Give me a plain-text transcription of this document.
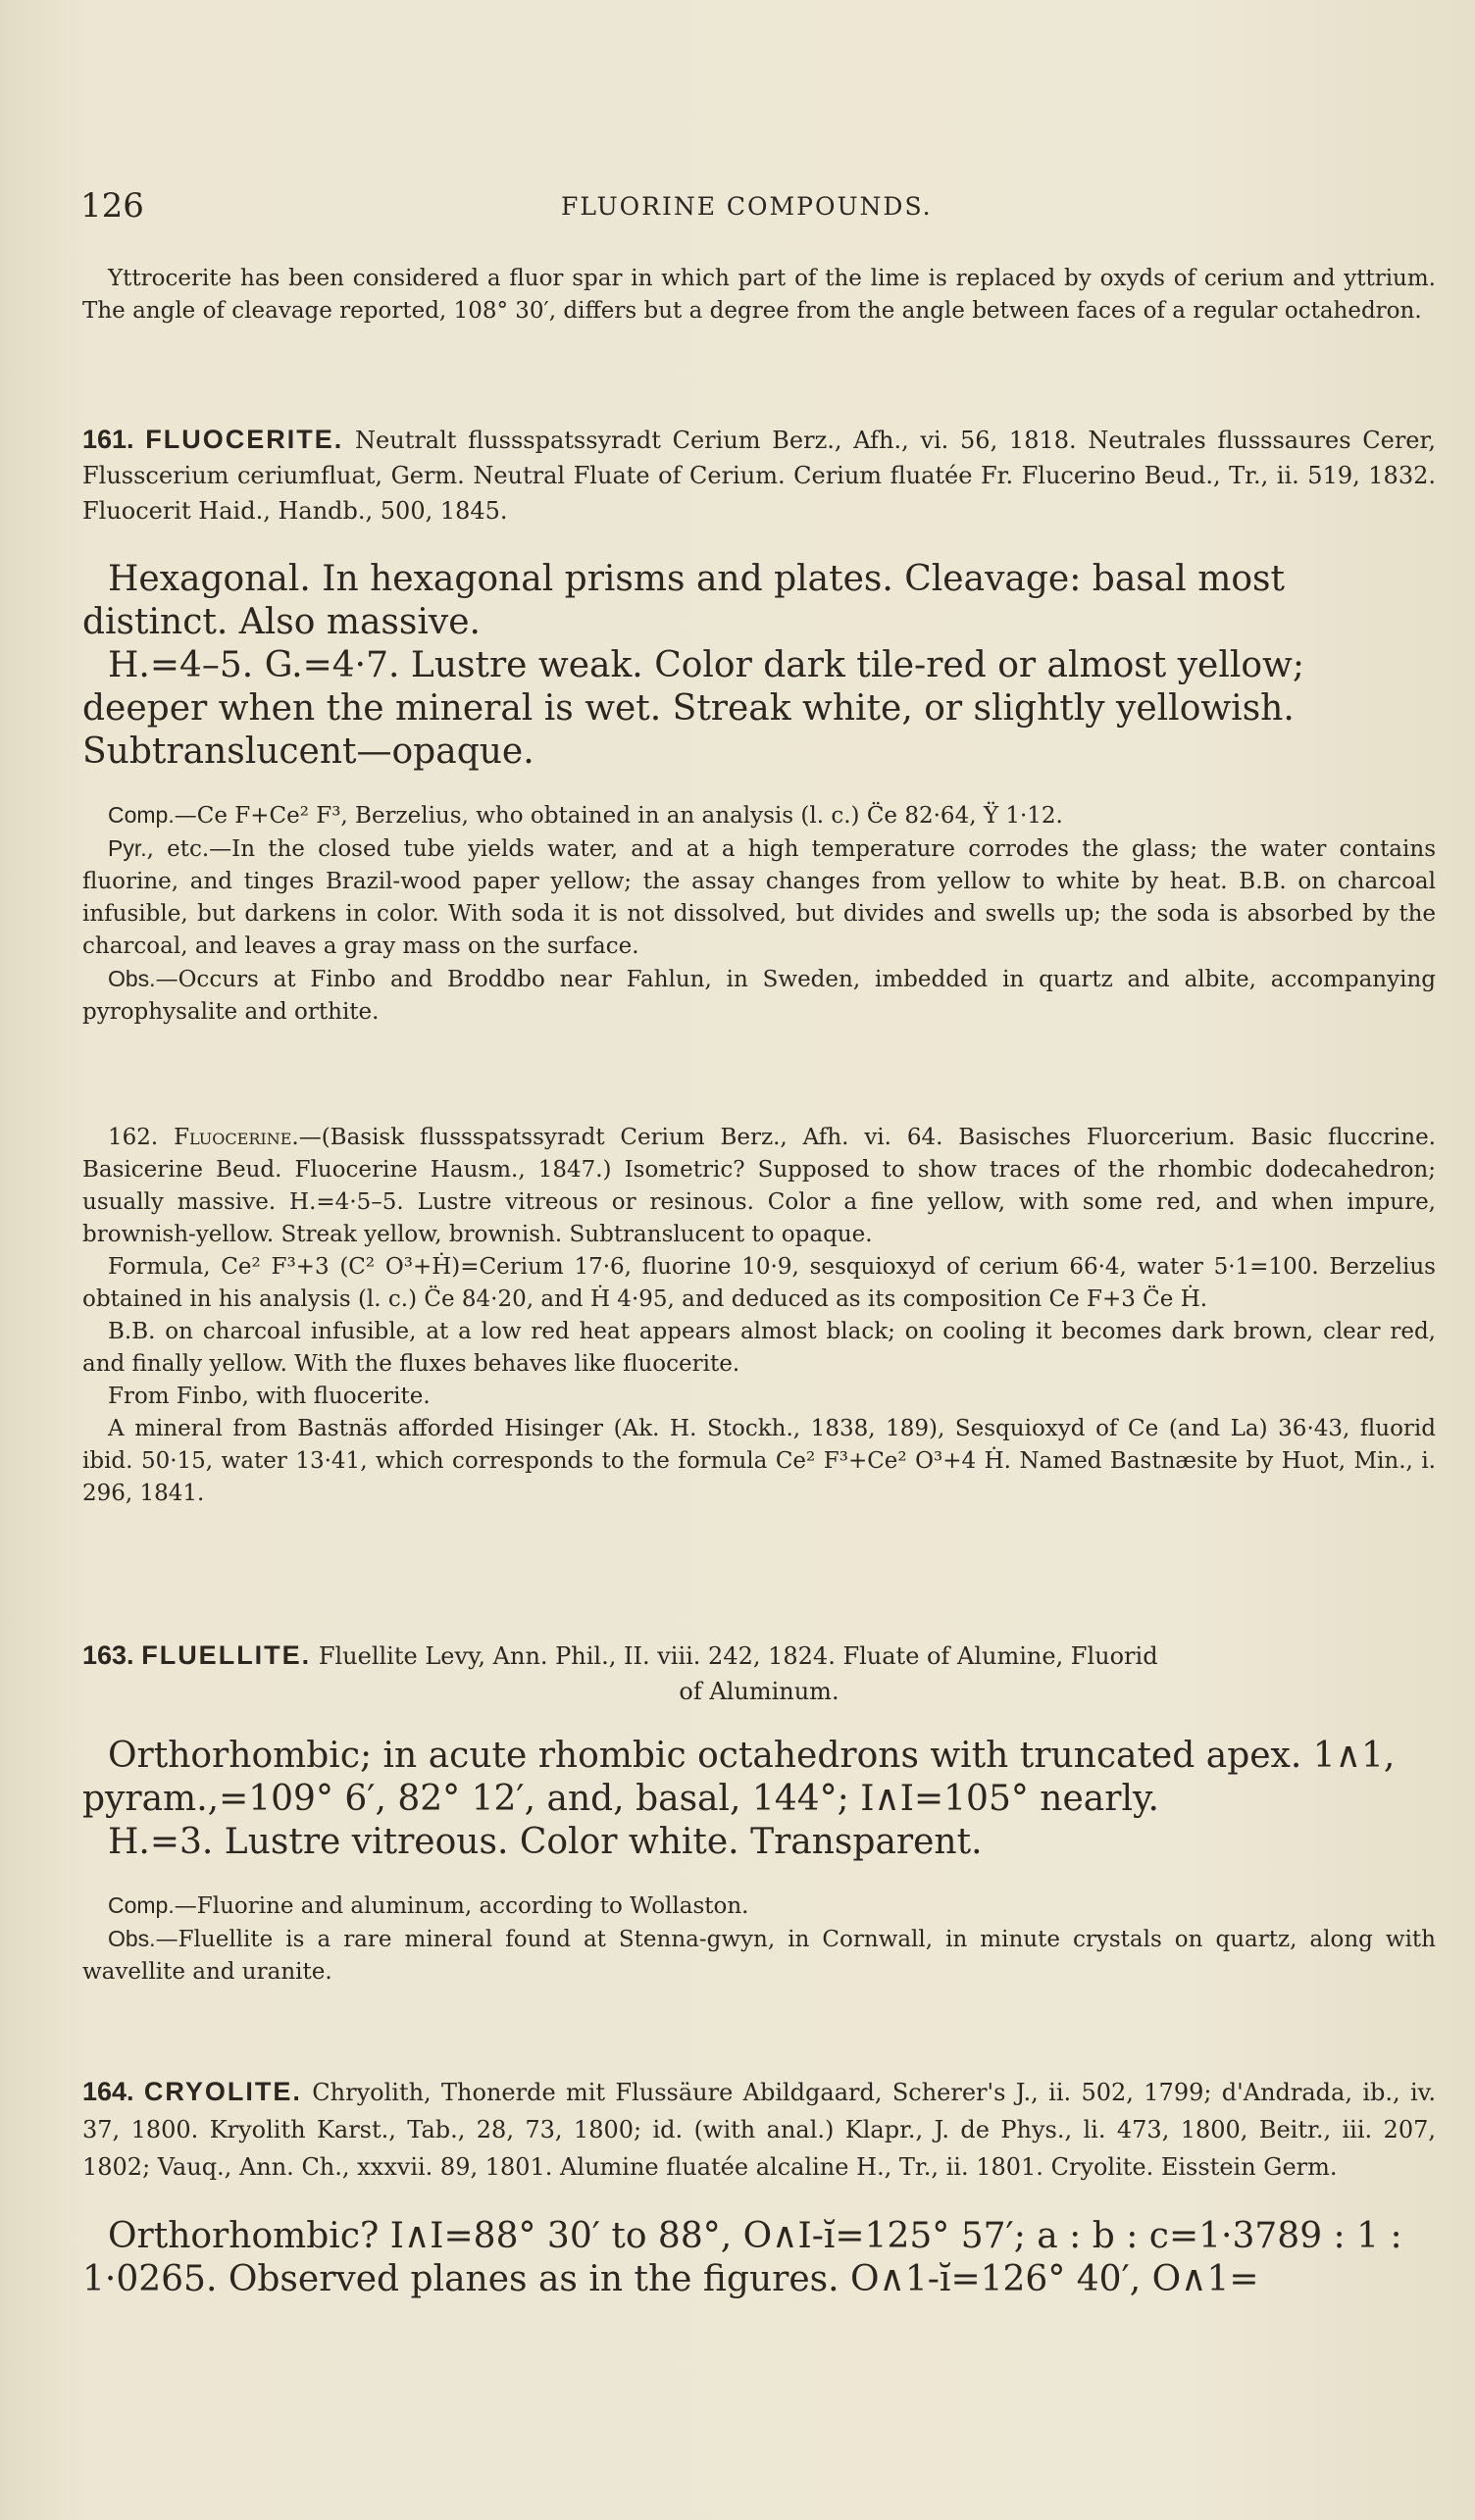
126	FLUORINE COMPOUNDS.

Yttrocerite has been considered a fluor spar in which part of the lime is replaced by oxyds of cerium and yttrium. The angle of cleavage reported, 108° 30′, differs but a degree from the angle between faces of a regular octahedron.

161. FLUOCERITE. Neutralt flussspatssyradt Cerium Berz., Afh., vi. 56, 1818. Neutrales flusssaures Cerer, Flusscerium ceriumfluat, Germ. Neutral Fluate of Cerium. Cerium fluatée Fr. Flucerino Beud., Tr., ii. 519, 1832. Fluocerit Haid., Handb., 500, 1845.

Hexagonal. In hexagonal prisms and plates. Cleavage: basal most distinct. Also massive.

H.=4–5. G.=4·7. Lustre weak. Color dark tile-red or almost yellow; deeper when the mineral is wet. Streak white, or slightly yellowish. Subtranslucent—opaque.

Comp.—Ce F+Ce² F³, Berzelius, who obtained in an analysis (l. c.) C̈e 82·64, Ÿ 1·12.

Pyr., etc.—In the closed tube yields water, and at a high temperature corrodes the glass; the water contains fluorine, and tinges Brazil-wood paper yellow; the assay changes from yellow to white by heat. B.B. on charcoal infusible, but darkens in color. With soda it is not dissolved, but divides and swells up; the soda is absorbed by the charcoal, and leaves a gray mass on the surface.

Obs.—Occurs at Finbo and Broddbo near Fahlun, in Sweden, imbedded in quartz and albite, accompanying pyrophysalite and orthite.

162. Fluocerine.—(Basisk flussspatssyradt Cerium Berz., Afh. vi. 64. Basisches Fluorcerium. Basic fluccrine. Basicerine Beud. Fluocerine Hausm., 1847.) Isometric? Supposed to show traces of the rhombic dodecahedron; usually massive. H.=4·5–5. Lustre vitreous or resinous. Color a fine yellow, with some red, and when impure, brownish-yellow. Streak yellow, brownish. Subtranslucent to opaque.

Formula, Ce² F³+3 (C² O³+Ḣ)=Cerium 17·6, fluorine 10·9, sesquioxyd of cerium 66·4, water 5·1=100. Berzelius obtained in his analysis (l. c.) C̈e 84·20, and Ḣ 4·95, and deduced as its composition Ce F+3 C̈e Ḣ.

B.B. on charcoal infusible, at a low red heat appears almost black; on cooling it becomes dark brown, clear red, and finally yellow. With the fluxes behaves like fluocerite.

From Finbo, with fluocerite.

A mineral from Bastnäs afforded Hisinger (Ak. H. Stockh., 1838, 189), Sesquioxyd of Ce (and La) 36·43, fluorid ibid. 50·15, water 13·41, which corresponds to the formula Ce² F³+Ce² O³+4 Ḣ. Named Bastnæsite by Huot, Min., i. 296, 1841.

163. FLUELLITE. Fluellite Levy, Ann. Phil., II. viii. 242, 1824. Fluate of Alumine, Fluorid

of Aluminum.

Orthorhombic; in acute rhombic octahedrons with truncated apex. 1∧1, pyram.,=109° 6′, 82° 12′, and, basal, 144°; I∧I=105° nearly.

H.=3. Lustre vitreous. Color white. Transparent.

Comp.—Fluorine and aluminum, according to Wollaston.

Obs.—Fluellite is a rare mineral found at Stenna-gwyn, in Cornwall, in minute crystals on quartz, along with wavellite and uranite.

164. CRYOLITE. Chryolith, Thonerde mit Flussäure Abildgaard, Scherer's J., ii. 502, 1799; d'Andrada, ib., iv. 37, 1800. Kryolith Karst., Tab., 28, 73, 1800; id. (with anal.) Klapr., J. de Phys., li. 473, 1800, Beitr., iii. 207, 1802; Vauq., Ann. Ch., xxxvii. 89, 1801. Alumine fluatée alcaline H., Tr., ii. 1801. Cryolite. Eisstein Germ.

Orthorhombic? I∧I=88° 30′ to 88°, O∧I-ĭ=125° 57′; a : b : c=1·3789 : 1 : 1·0265. Observed planes as in the figures. O∧1-ĭ=126° 40′, O∧1=
